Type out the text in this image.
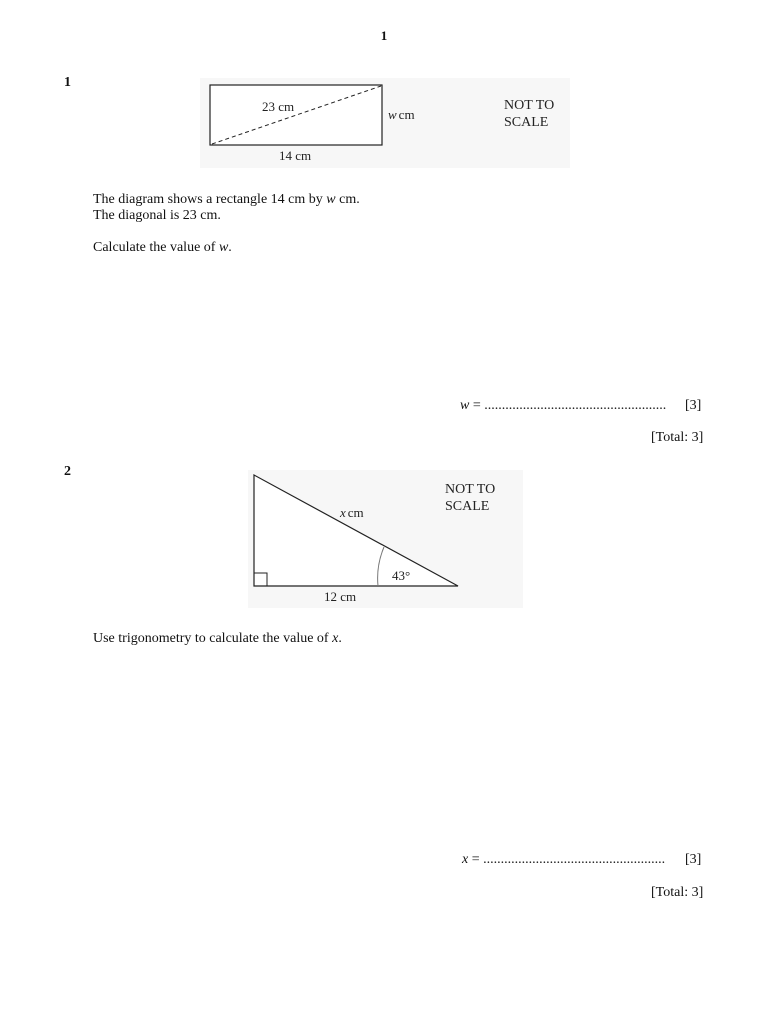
1
1
23 cm
w cm
14 cm
NOT TO
SCALE
The diagram shows a rectangle 14 cm by w cm.
The diagonal is 23 cm.
Calculate the value of w.
w = .................................................... [3]
[Total: 3]
2
43°
x cm
12 cm
NOT TO
SCALE
Use trigonometry to calculate the value of x.
x = .................................................... [3]
[Total: 3]
